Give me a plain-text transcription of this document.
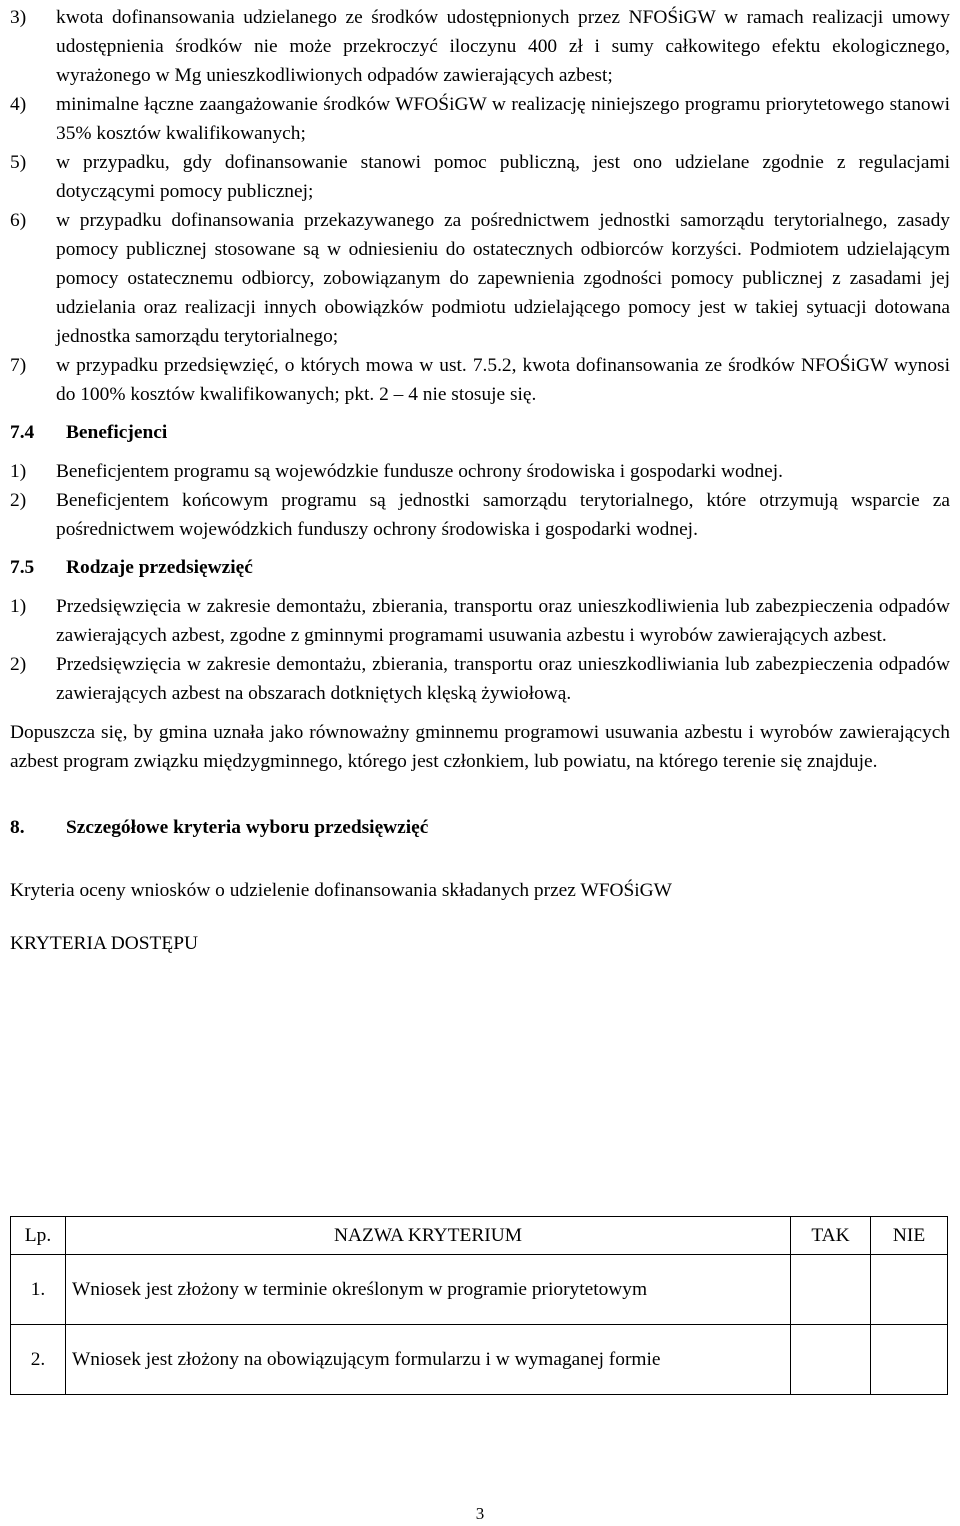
3)	kwota dofinansowania udzielanego ze środków udostępnionych przez NFOŚiGW w ramach realizacji umowy udostępnienia środków nie może przekroczyć iloczynu 400 zł i sumy całkowitego efektu ekologicznego, wyrażonego w Mg unieszkodliwionych odpadów zawierających azbest;
4)	minimalne łączne zaangażowanie środków WFOŚiGW w realizację niniejszego programu priorytetowego stanowi 35% kosztów kwalifikowanych;
5)	w przypadku, gdy dofinansowanie stanowi pomoc publiczną, jest ono udzielane zgodnie z regulacjami dotyczącymi pomocy publicznej;
6)	w przypadku dofinansowania przekazywanego za pośrednictwem jednostki samorządu terytorialnego, zasady pomocy publicznej stosowane są w odniesieniu do ostatecznych odbiorców korzyści. Podmiotem udzielającym pomocy ostatecznemu odbiorcy, zobowiązanym do zapewnienia zgodności pomocy publicznej z zasadami jej udzielania oraz realizacji innych obowiązków podmiotu udzielającego pomocy jest w takiej sytuacji dotowana jednostka samorządu terytorialnego;
7)	w przypadku przedsięwzięć, o których mowa w ust. 7.5.2, kwota dofinansowania ze środków NFOŚiGW wynosi do 100% kosztów kwalifikowanych; pkt. 2 – 4 nie stosuje się.
7.4	Beneficjenci
1)	Beneficjentem programu są wojewódzkie fundusze ochrony środowiska i gospodarki wodnej.
2)	Beneficjentem końcowym programu są jednostki samorządu terytorialnego, które otrzymują wsparcie za pośrednictwem wojewódzkich funduszy ochrony środowiska i gospodarki wodnej.
7.5	Rodzaje przedsięwzięć
1)	Przedsięwzięcia w zakresie demontażu, zbierania, transportu oraz unieszkodliwienia lub zabezpieczenia odpadów zawierających azbest, zgodne z gminnymi programami usuwania azbestu i wyrobów zawierających azbest.
2)	Przedsięwzięcia w zakresie demontażu, zbierania, transportu oraz unieszkodliwiania lub zabezpieczenia odpadów zawierających azbest na obszarach dotkniętych klęską żywiołową.
Dopuszcza się, by gmina uznała jako równoważny gminnemu programowi usuwania azbestu i wyrobów zawierających azbest program związku międzygminnego, którego jest członkiem, lub powiatu, na którego terenie się znajduje.
8.	Szczegółowe kryteria wyboru przedsięwzięć
Kryteria oceny wniosków o udzielenie dofinansowania składanych przez WFOŚiGW
KRYTERIA DOSTĘPU
Lp.	NAZWA KRYTERIUM	TAK	NIE
1.	Wniosek jest złożony w terminie określonym w programie priorytetowym		
2.	Wniosek jest złożony na obowiązującym formularzu i w wymaganej formie		
3
